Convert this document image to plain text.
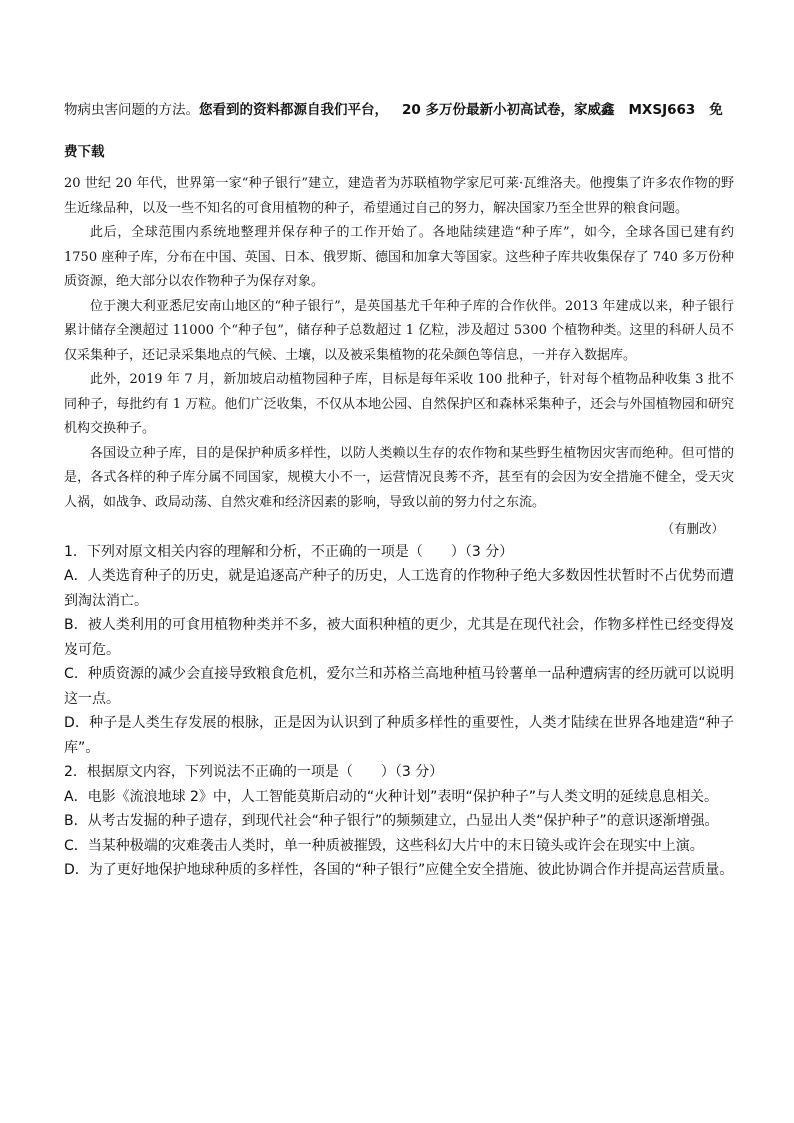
物病虫害问题的方法。您看到的资料都源自我们平台， 20 多万份最新小初高试卷，家威鑫 MXSJ663 免
费下载

20 世纪 20 年代，世界第一家“种子银行”建立，建造者为苏联植物学家尼可莱·瓦维洛夫。他搜集了许多农作物的野生近缘品种，以及一些不知名的可食用植物的种子，希望通过自己的努力，解决国家乃至全世界的粮食问题。

此后，全球范围内系统地整理并保存种子的工作开始了。各地陆续建造“种子库”，如今，全球各国已建有约 1750 座种子库，分布在中国、英国、日本、俄罗斯、德国和加拿大等国家。这些种子库共收集保存了 740 多万份种质资源，绝大部分以农作物种子为保存对象。

位于澳大利亚悉尼安南山地区的“种子银行”，是英国基尤千年种子库的合作伙伴。2013 年建成以来，种子银行累计储存全澳超过 11000 个“种子包”，储存种子总数超过 1 亿粒，涉及超过 5300 个植物种类。这里的科研人员不仅采集种子，还记录采集地点的气候、土壤，以及被采集植物的花朵颜色等信息，一并存入数据库。

此外，2019 年 7 月，新加坡启动植物园种子库，目标是每年采收 100 批种子，针对每个植物品种收集 3 批不同种子，每批约有 1 万粒。他们广泛收集，不仅从本地公园、自然保护区和森林采集种子，还会与外国植物园和研究机构交换种子。

各国设立种子库，目的是保护种质多样性，以防人类赖以生存的农作物和某些野生植物因灾害而绝种。但可惜的是，各式各样的种子库分属不同国家，规模大小不一，运营情况良莠不齐，甚至有的会因为安全措施不健全，受天灾人祸，如战争、政局动荡、自然灾难和经济因素的影响，导致以前的努力付之东流。

（有删改）

1．下列对原文相关内容的理解和分析，不正确的一项是（　　）（3 分）

A．人类选育种子的历史，就是追逐高产种子的历史，人工选育的作物种子绝大多数因性状暂时不占优势而遭到淘汰消亡。

B．被人类利用的可食用植物种类并不多，被大面积种植的更少，尤其是在现代社会，作物多样性已经变得岌岌可危。

C．种质资源的减少会直接导致粮食危机，爱尔兰和苏格兰高地种植马铃薯单一品种遭病害的经历就可以说明这一点。

D．种子是人类生存发展的根脉，正是因为认识到了种质多样性的重要性，人类才陆续在世界各地建造“种子库”。

2．根据原文内容，下列说法不正确的一项是（　　）（3 分）

A．电影《流浪地球 2》中，人工智能莫斯启动的“火种计划”表明“保护种子”与人类文明的延续息息相关。

B．从考古发掘的种子遗存，到现代社会“种子银行”的频频建立，凸显出人类“保护种子”的意识逐渐增强。

C．当某种极端的灾难袭击人类时，单一种质被摧毁，这些科幻大片中的末日镜头或许会在现实中上演。

D．为了更好地保护地球种质的多样性，各国的“种子银行”应健全安全措施、彼此协调合作并提高运营质量。
